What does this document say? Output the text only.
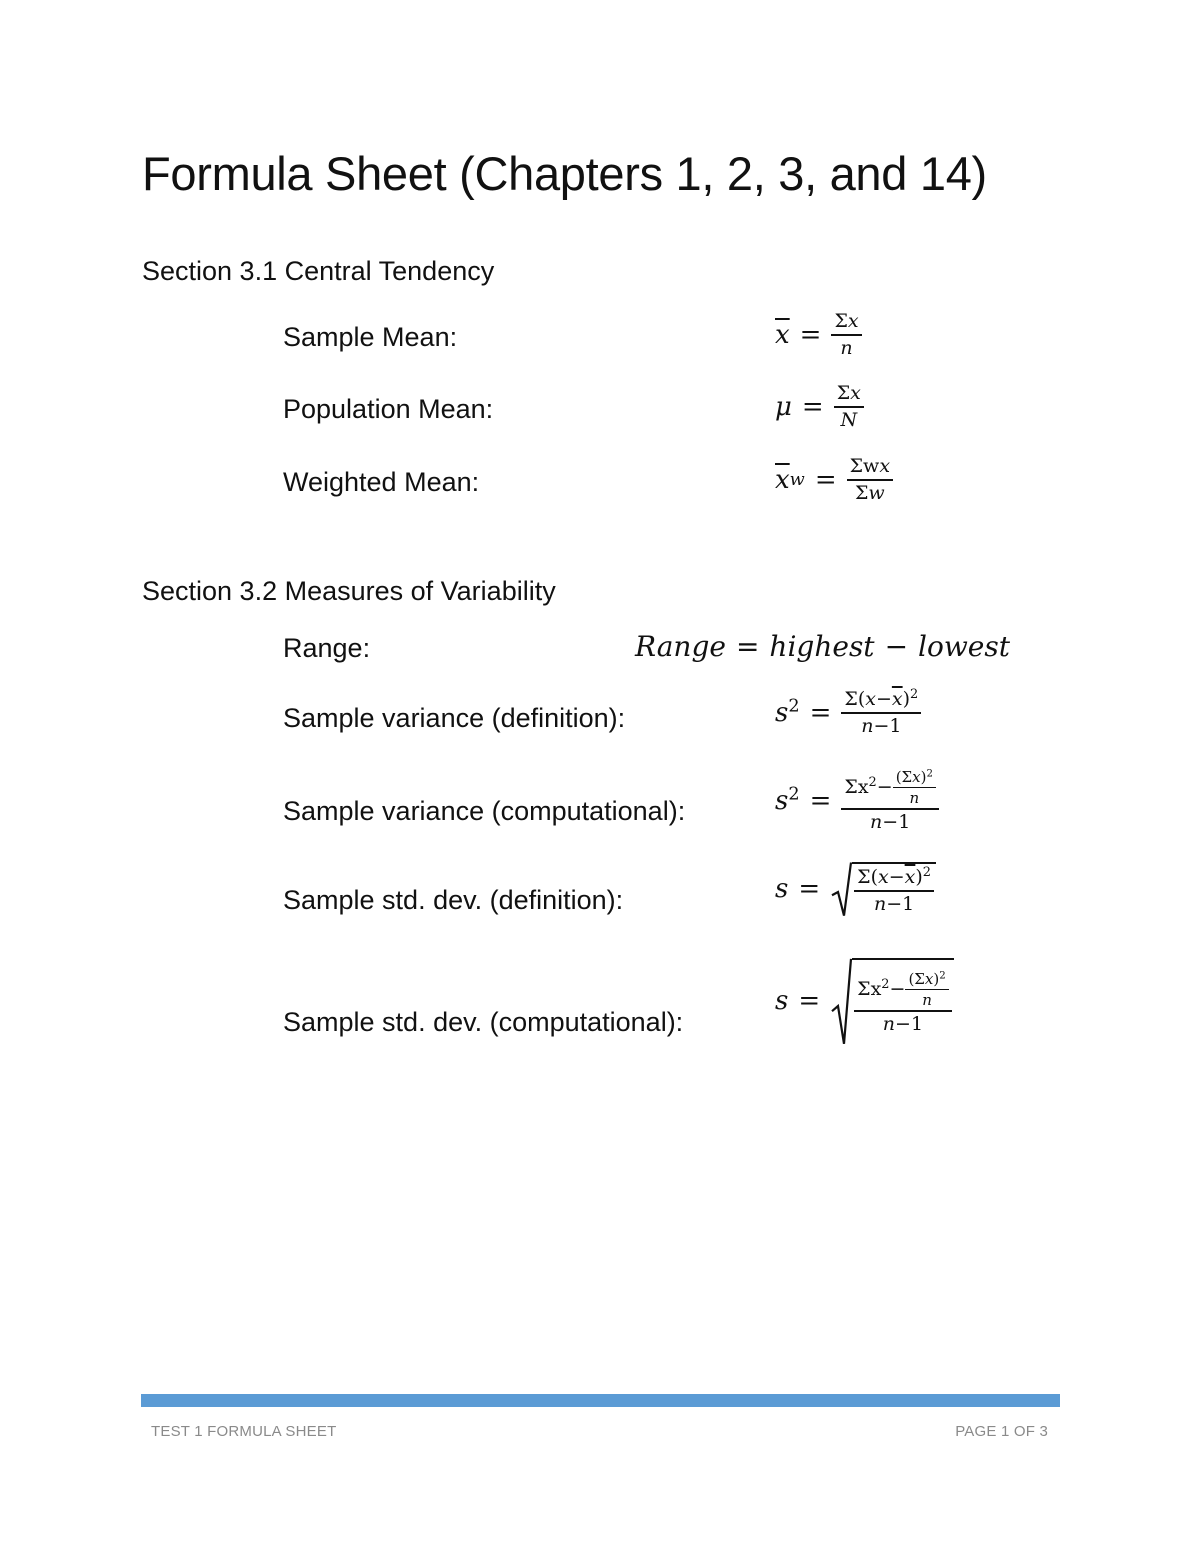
Formula Sheet (Chapters 1, 2, 3, and 14)
Section 3.1 Central Tendency
Sample Mean:	$\overline{x} = \frac{\Sigma x}{n}$
Population Mean:	$\mu = \frac{\Sigma x}{N}$
Weighted Mean:	$\overline{x}$ $w = \frac{\text{Σwx}}{\Sigma w}$
Section 3.2 Measures of Variability
Range:	Range = highest − lowest
Sample variance (definition):	$s^2 = \frac{\Sigma(x-\overline{x})^2}{n-1}$
Sample variance (computational):	$s^2 = \frac{\Sigma x^2- \frac{(\Sigma x)^2}{n}}{n-1}$
Sample std. dev. (definition):	$s = \frac{\Sigma(x-\overline{x})^2}{n-1}$
Sample std. dev. (computational):
$s = \frac{\Sigma x^2- \frac{(\Sigma x)^2}{n}}{n-1}$
TEST 1 FORMULA SHEET	PAGE 1 OF 3
